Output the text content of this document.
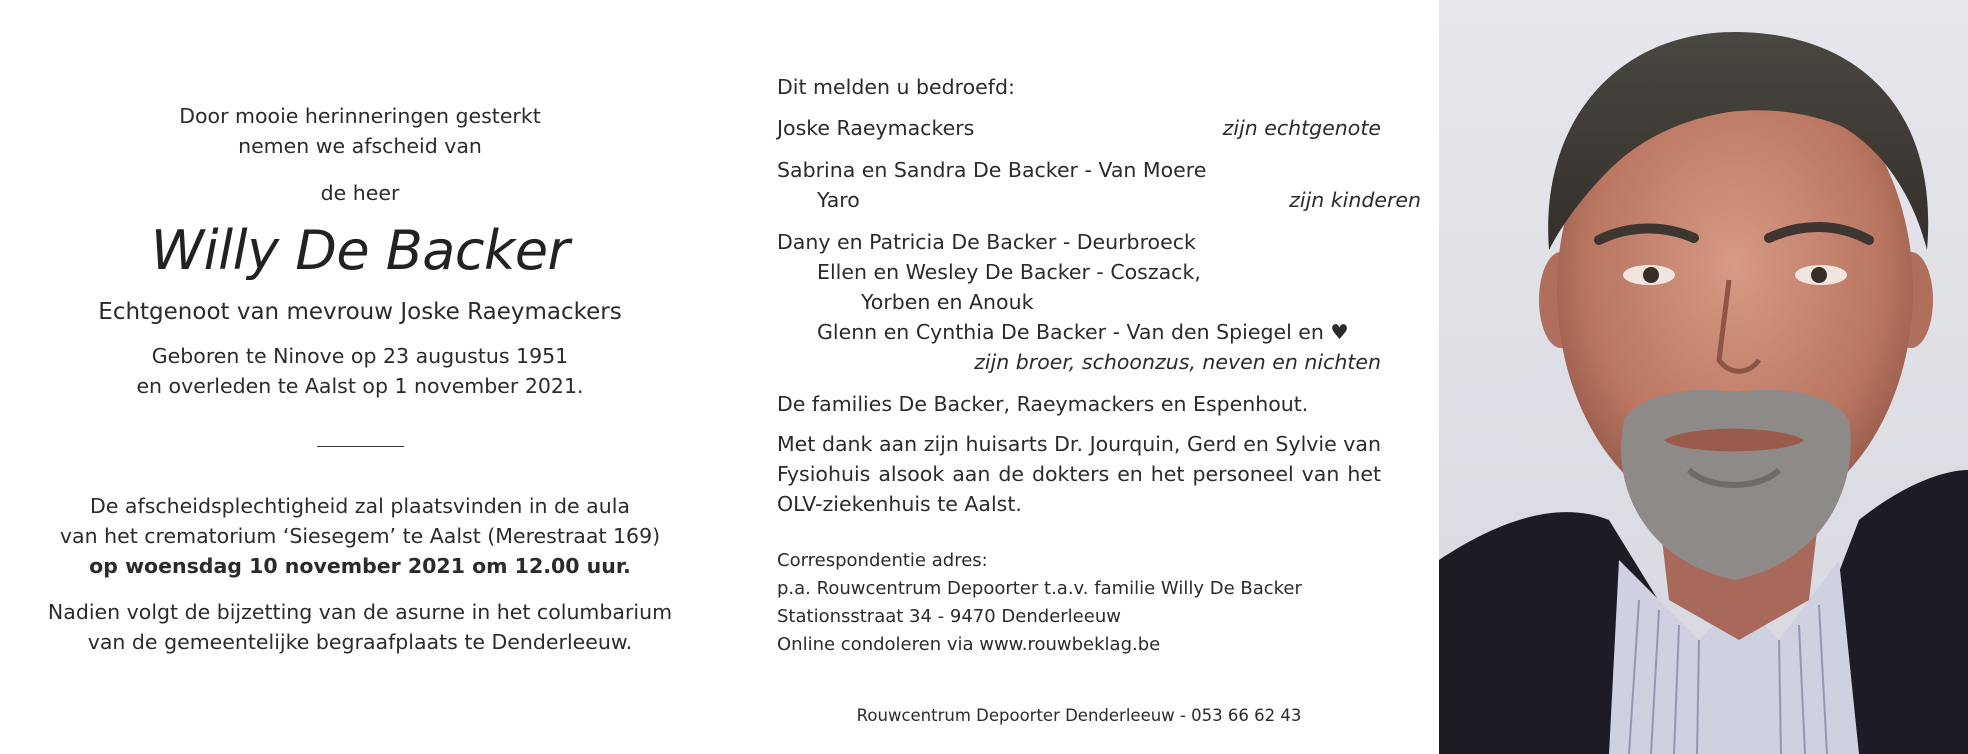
Door mooie herinneringen gesterkt

nemen we afscheid van

de heer

Willy De Backer

Echtgenoot van mevrouw Joske Raeymackers

Geboren te Ninove op 23 augustus 1951

en overleden te Aalst op 1 november 2021.

De afscheidsplechtigheid zal plaatsvinden in de aula

van het crematorium ‘Siesegem’ te Aalst (Merestraat 169)

op woensdag 10 november 2021 om 12.00 uur.

Nadien volgt de bijzetting van de asurne in het columbarium

van de gemeentelijke begraafplaats te Denderleeuw.

Dit melden u bedroefd:
Joske Raeymackers	zijn echtgenote
Sabrina en Sandra De Backer - Van Moere
Yaro	zijn kinderen
Dany en Patricia De Backer - Deurbroeck
Ellen en Wesley De Backer - Coszack,
Yorben en Anouk
Glenn en Cynthia De Backer - Van den Spiegel en ♥
zijn broer, schoonzus, neven en nichten
De families De Backer, Raeymackers en Espenhout.
Met dank aan zijn huisarts Dr. Jourquin, Gerd en Sylvie van Fysiohuis alsook aan de dokters en het personeel van het OLV-ziekenhuis te Aalst.
Correspondentie adres:
p.a. Rouwcentrum Depoorter t.a.v. familie Willy De Backer
Stationsstraat 34 - 9470 Denderleeuw
Online condoleren via www.rouwbeklag.be
Rouwcentrum Depoorter Denderleeuw - 053 66 62 43
